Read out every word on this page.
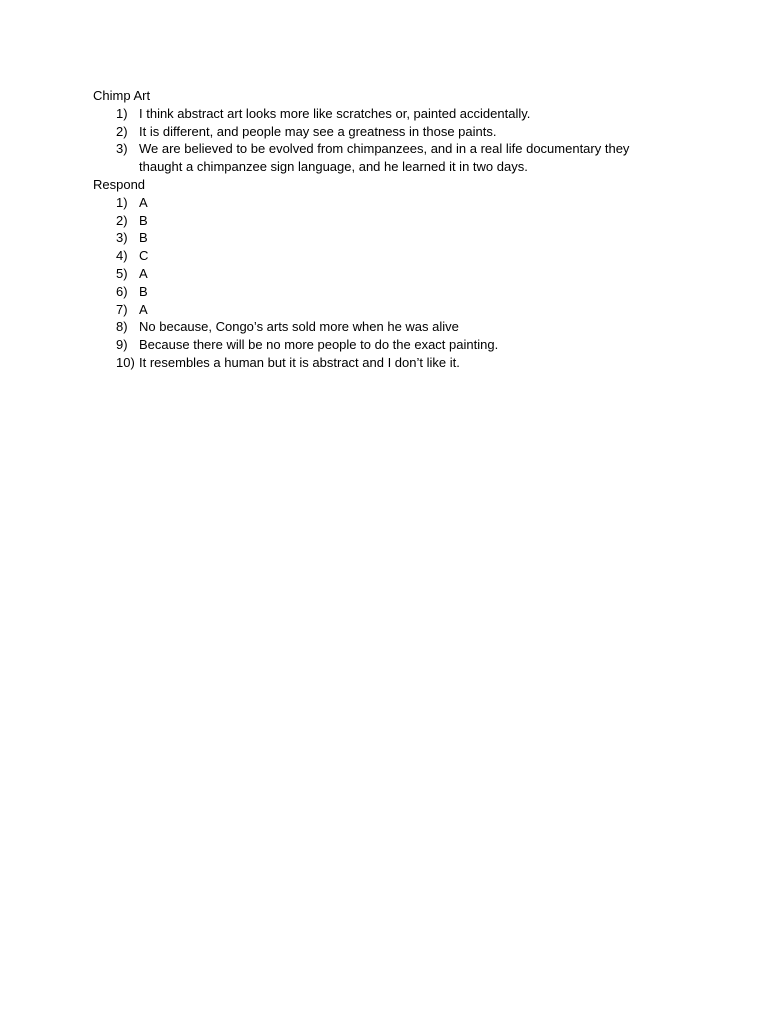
Chimp Art
1) I think abstract art looks more like scratches or, painted accidentally.
2) It is different, and people may see a greatness in those paints.
3) We are believed to be evolved from chimpanzees, and in a real life documentary they thaught a chimpanzee sign language, and he learned it in two days.
Respond
1) A
2) B
3) B
4) C
5) A
6) B
7) A
8) No because, Congo’s arts sold more when he was alive
9) Because there will be no more people to do the exact painting.
10) It resembles a human but it is abstract and I don’t like it.
